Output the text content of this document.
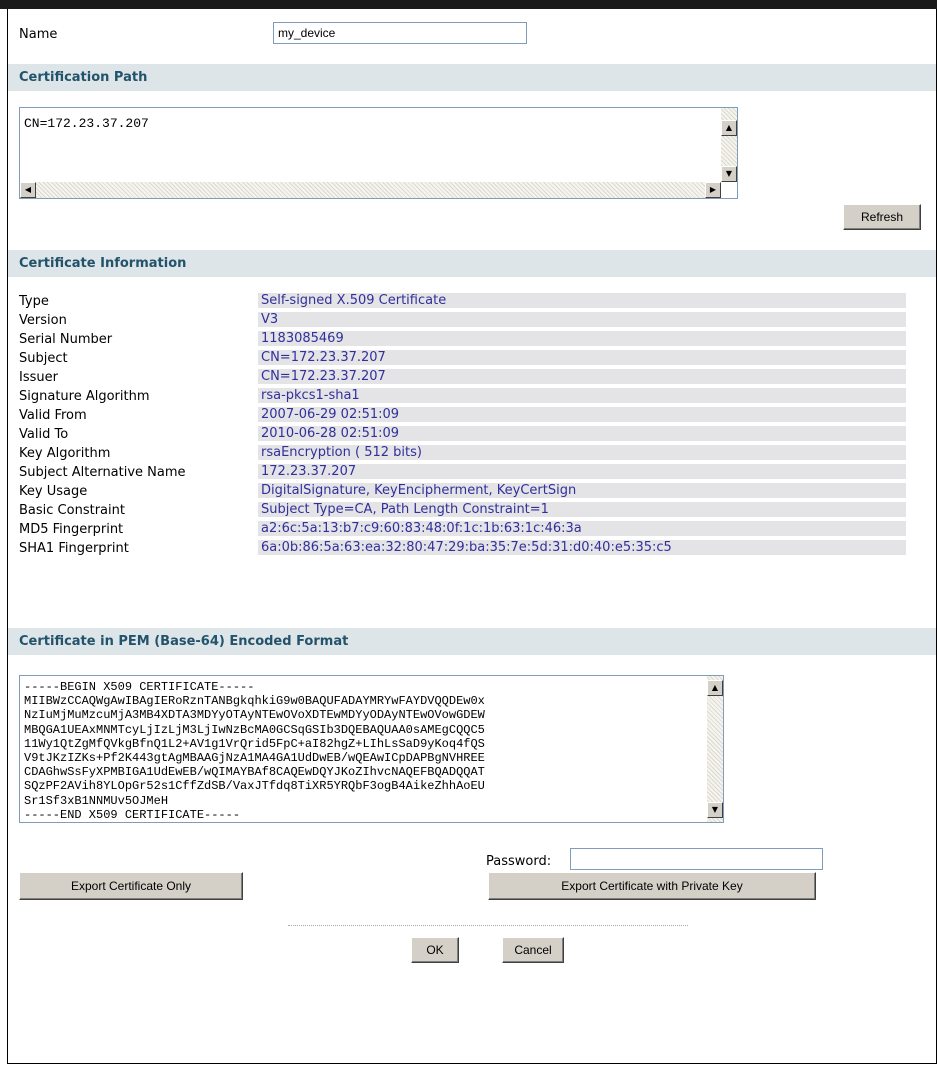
Name	my_device
Certification Path
CN=172.23.37.207	▲
▼
◀	▶
Refresh
Certificate Information
Type	Self-signed X.509 Certificate
Version	V3
Serial Number	1183085469
Subject	CN=172.23.37.207
Issuer	CN=172.23.37.207
Signature Algorithm	rsa-pkcs1-sha1
Valid From	2007-06-29 02:51:09
Valid To	2010-06-28 02:51:09
Key Algorithm	rsaEncryption ( 512 bits)
Subject Alternative Name	172.23.37.207
Key Usage	DigitalSignature, KeyEncipherment, KeyCertSign
Basic Constraint	Subject Type=CA, Path Length Constraint=1
MD5 Fingerprint	a2:6c:5a:13:b7:c9:60:83:48:0f:1c:1b:63:1c:46:3a
SHA1 Fingerprint	6a:0b:86:5a:63:ea:32:80:47:29:ba:35:7e:5d:31:d0:40:e5:35:c5
Certificate in PEM (Base-64) Encoded Format
-----BEGIN X509 CERTIFICATE-----
MIIBWzCCAQWgAwIBAgIERoRznTANBgkqhkiG9w0BAQUFADAYMRYwFAYDVQQDEw0x
NzIuMjMuMzcuMjA3MB4XDTA3MDYyOTAyNTEwOVoXDTEwMDYyODAyNTEwOVowGDEW
MBQGA1UEAxMNMTcyLjIzLjM3LjIwNzBcMA0GCSqGSIb3DQEBAQUAA0sAMEgCQQC5
11Wy1QtZgMfQVkgBfnQ1L2+AV1g1VrQrid5FpC+aI82hgZ+LIhLsSaD9yKoq4fQS
V9tJKzIZKs+Pf2K443gtAgMBAAGjNzA1MA4GA1UdDwEB/wQEAwICpDAPBgNVHREE
CDAGhwSsFyXPMBIGA1UdEwEB/wQIMAYBAf8CAQEwDQYJKoZIhvcNAQEFBQADQQAT
SQzPF2AVih8YLOpGr52s1CffZdSB/VaxJTfdq8TiXR5YRQbF3ogB4AikeZhhAoEU
Sr1Sf3xB1NNMUv5OJMeH
-----END X509 CERTIFICATE-----
▲
▼
Password:
Export Certificate Only	Export Certificate with Private Key
OK	Cancel
